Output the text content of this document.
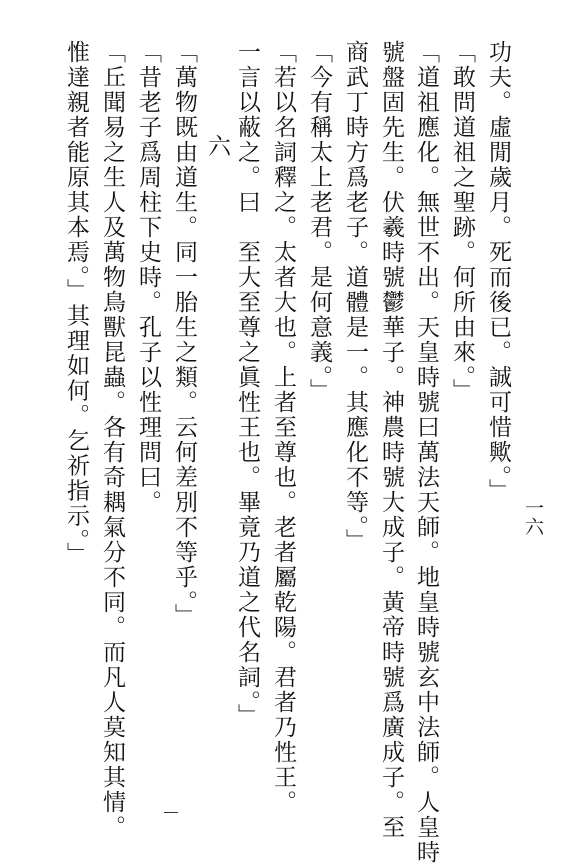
一六
功夫。虛閒歲月。死而後已。誠可惜歟。」
「敢問道祖之聖跡。何所由來。」
「道祖應化。無世不出。天皇時號曰萬法天師。地皇時號玄中法師。人皇時
號盤固先生。伏羲時號鬱華子。神農時號大成子。黃帝時號爲廣成子。至
商武丁時方爲老子。道體是一。其應化不等。」
「今有稱太上老君。是何意義。」
「若以名詞釋之。太者大也。上者至尊也。老者屬乾陽。君者乃性王。
一言以蔽之。曰　至大至尊之眞性王也。畢竟乃道之代名詞。」
六
「萬物既由道生。同一胎生之類。云何差別不等乎。」
「昔老子爲周柱下史時。孔子以性理問曰。
「丘聞易之生人及萬物鳥獸昆蟲。各有奇耦氣分不同。而凡人莫知其情。
惟達親者能原其本焉。」其理如何。乞祈指示。」
